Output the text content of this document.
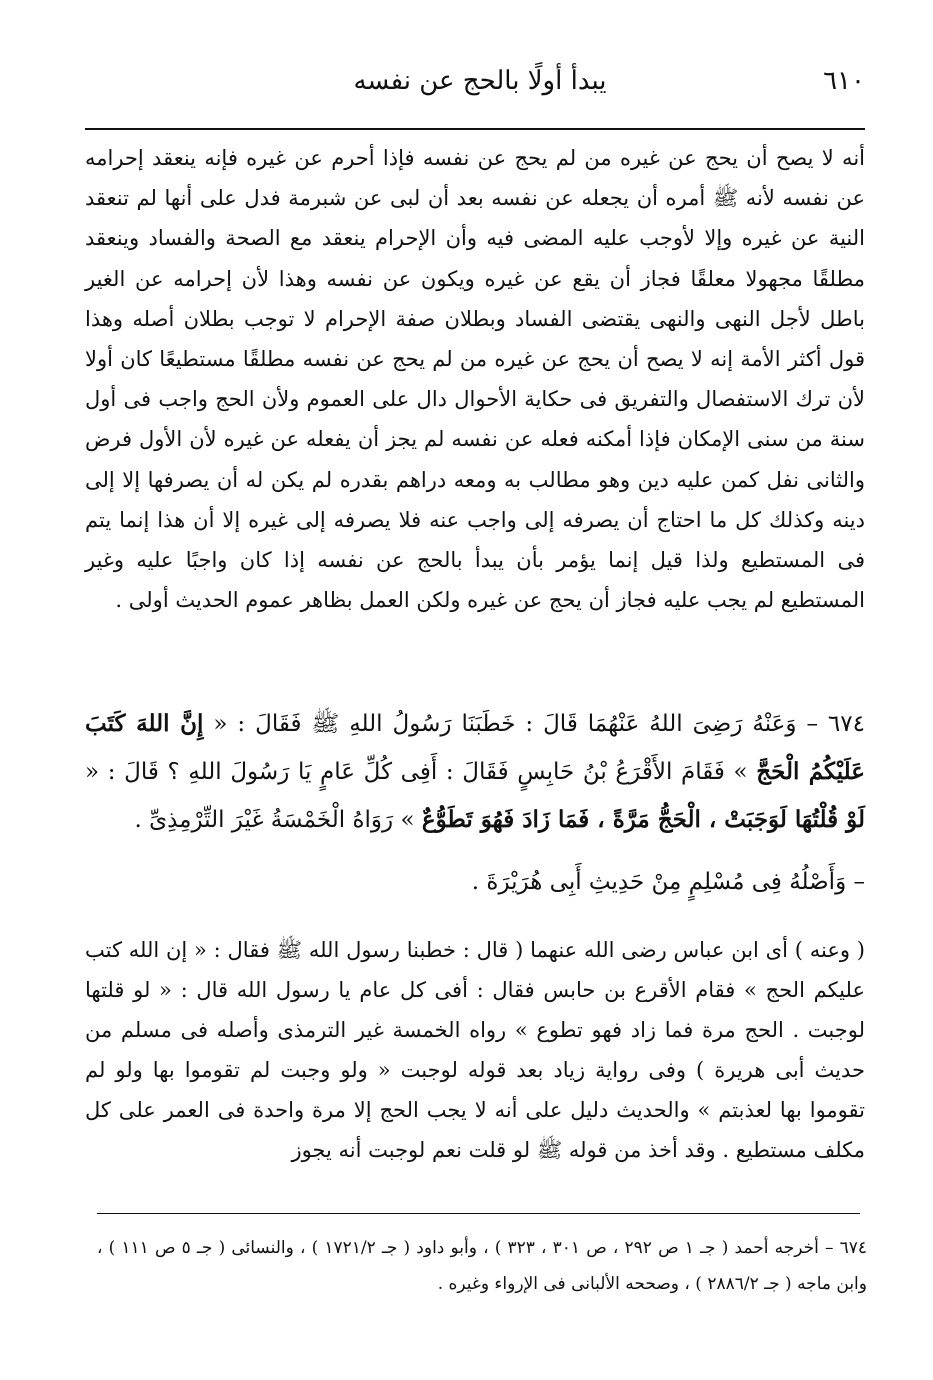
٦١٠
يبدأ أولًا بالحج عن نفسه
أنه لا يصح أن يحج عن غيره من لم يحج عن نفسه فإذا أحرم عن غيره فإنه ينعقد إحرامه عن نفسه لأنه ﷺ أمره أن يجعله عن نفسه بعد أن لبى عن شبرمة فدل على أنها لم تنعقد النية عن غيره وإلا لأوجب عليه المضى فيه وأن الإحرام ينعقد مع الصحة والفساد وينعقد مطلقًا مجهولا معلقًا فجاز أن يقع عن غيره ويكون عن نفسه وهذا لأن إحرامه عن الغير باطل لأجل النهى والنهى يقتضى الفساد وبطلان صفة الإحرام لا توجب بطلان أصله وهذا قول أكثر الأمة إنه لا يصح أن يحج عن غيره من لم يحج عن نفسه مطلقًا مستطيعًا كان أولا لأن ترك الاستفصال والتفريق فى حكاية الأحوال دال على العموم ولأن الحج واجب فى أول سنة من سنى الإمكان فإذا أمكنه فعله عن نفسه لم يجز أن يفعله عن غيره لأن الأول فرض والثانى نفل كمن عليه دين وهو مطالب به ومعه دراهم بقدره لم يكن له أن يصرفها إلا إلى دينه وكذلك كل ما احتاج أن يصرفه إلى واجب عنه فلا يصرفه إلى غيره إلا أن هذا إنما يتم فى المستطيع ولذا قيل إنما يؤمر بأن يبدأ بالحج عن نفسه إذا كان واجبًا عليه وغير المستطيع لم يجب عليه فجاز أن يحج عن غيره ولكن العمل بظاهر عموم الحديث أولى .
٦٧٤ – وَعَنْهُ رَضِىَ اللهُ عَنْهُمَا قَالَ : خَطَبَنَا رَسُولُ اللهِ ﷺ فَقَالَ : « إِنَّ اللهَ كَتَبَ عَلَيْكُمُ الْحَجَّ » فَقَامَ الأَقْرَعُ بْنُ حَابِسٍ فَقَالَ : أَفِى كُلِّ عَامٍ يَا رَسُولَ اللهِ ؟ قَالَ : « لَوْ قُلْتُهَا لَوَجَبَتْ ، الْحَجُّ مَرَّةً ، فَمَا زَادَ فَهُوَ تَطَوُّعٌ » رَوَاهُ الْخَمْسَةُ غَيْرَ التِّرْمِذِىِّ .
– وَأَصْلُهُ فِى مُسْلِمٍ مِنْ حَدِيثِ أَبِى هُرَيْرَةَ .
( وعنه ) أى ابن عباس رضى الله عنهما ( قال : خطبنا رسول الله ﷺ فقال : « إن الله كتب عليكم الحج » فقام الأقرع بن حابس فقال : أفى كل عام يا رسول الله قال : « لو قلتها لوجبت . الحج مرة فما زاد فهو تطوع » رواه الخمسة غير الترمذى وأصله فى مسلم من حديث أبى هريرة ) وفى رواية زياد بعد قوله لوجبت « ولو وجبت لم تقوموا بها ولو لم تقوموا بها لعذبتم » والحديث دليل على أنه لا يجب الحج إلا مرة واحدة فى العمر على كل مكلف مستطيع . وقد أخذ من قوله ﷺ لو قلت نعم لوجبت أنه يجوز
٦٧٤ – أخرجه أحمد ( جـ ١ ص ٢٩٢ ، ص ٣٠١ ، ٣٢٣ ) ، وأبو داود ( جـ ١٧٢١/٢ ) ، والنسائى ( جـ ٥ ص ١١١ ) ، وابن ماجه ( جـ ٢٨٨٦/٢ ) ، وصححه الألبانى فى الإرواء وغيره .
